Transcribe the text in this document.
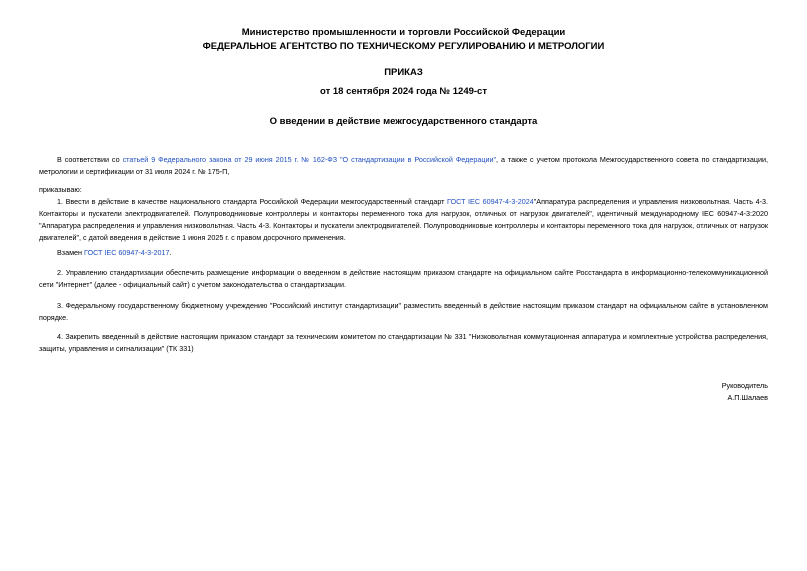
Министерство промышленности и торговли Российской Федерации
ФЕДЕРАЛЬНОЕ АГЕНТСТВО ПО ТЕХНИЧЕСКОМУ РЕГУЛИРОВАНИЮ И МЕТРОЛОГИИ
ПРИКАЗ
от 18 сентября 2024 года № 1249-ст
О введении в действие межгосударственного стандарта
В соответствии со статьей 9 Федерального закона от 29 июня 2015 г. № 162-ФЗ "О стандартизации в Российской Федерации", а также с учетом протокола Межгосударственного совета по стандартизации, метрологии и сертификации от 31 июля 2024 г. № 175-П,
приказываю:
1. Ввести в действие в качестве национального стандарта Российской Федерации межгосударственный стандарт ГОСТ IEC 60947-4-3-2024"Аппаратура распределения и управления низковольтная. Часть 4-3. Контакторы и пускатели электродвигателей. Полупроводниковые контроллеры и контакторы переменного тока для нагрузок, отличных от нагрузок двигателей", идентичный международному IEC 60947-4-3:2020 "Аппаратура распределения и управления низковольтная. Часть 4-3. Контакторы и пускатели электродвигателей. Полупроводниковые контроллеры и контакторы переменного тока для нагрузок, отличных от нагрузок двигателей", с датой введения в действие 1 июня 2025 г. с правом досрочного применения.
Взамен ГОСТ IEC 60947-4-3-2017.
2. Управлению стандартизации обеспечить размещение информации о введенном в действие настоящим приказом стандарте на официальном сайте Росстандарта в информационно-телекоммуникационной сети "Интернет" (далее - официальный сайт) с учетом законодательства о стандартизации.
3. Федеральному государственному бюджетному учреждению "Российский институт стандартизации" разместить введенный в действие настоящим приказом стандарт на официальном сайте в установленном порядке.
4. Закрепить введенный в действие настоящим приказом стандарт за техническим комитетом по стандартизации № 331 "Низковольтная коммутационная аппаратура и комплектные устройства распределения, защиты, управления и сигнализации" (ТК 331)
Руководитель
А.П.Шалаев
